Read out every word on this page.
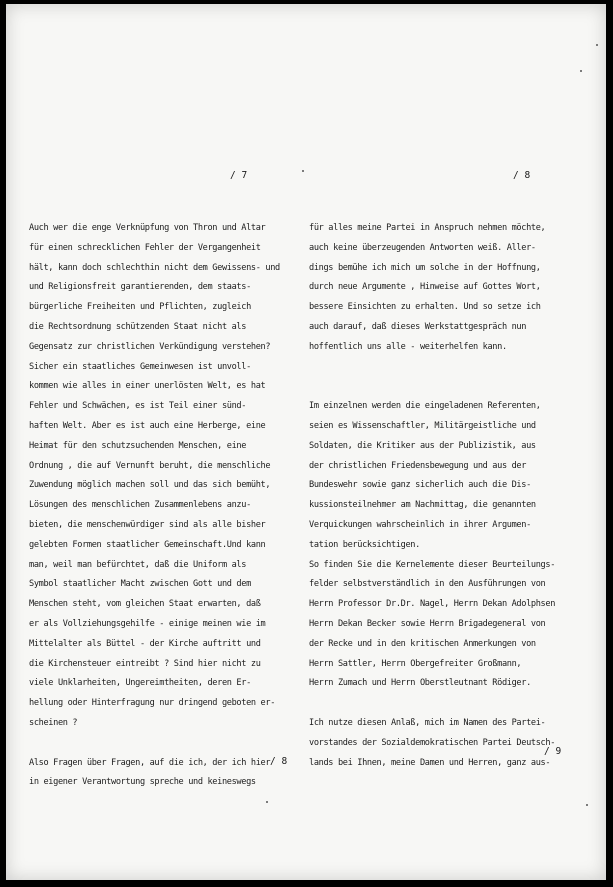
/ 7	/ 8
Auch wer die enge Verknüpfung von Thron und Altar
für einen schrecklichen Fehler der Vergangenheit
hält, kann doch schlechthin nicht dem Gewissens- und
und Religionsfreit garantierenden, dem staats-
bürgerliche Freiheiten und Pflichten, zugleich
die Rechtsordnung schützenden Staat nicht als
Gegensatz zur christlichen Verkündigung verstehen?
Sicher ein staatliches Gemeinwesen ist unvoll-
kommen wie alles in einer unerlösten Welt, es hat
Fehler und Schwächen, es ist Teil einer sünd-
haften Welt. Aber es ist auch eine Herberge, eine
Heimat für den schutzsuchenden Menschen, eine
Ordnung , die auf Vernunft beruht, die menschliche
Zuwendung möglich machen soll und das sich bemüht,
Lösungen des menschlichen Zusammenlebens anzu-
bieten, die menschenwürdiger sind als alle bisher
gelebten Formen staatlicher Gemeinschaft.Und kann
man, weil man befürchtet, daß die Uniform als
Symbol staatlicher Macht zwischen Gott und dem
Menschen steht, vom gleichen Staat erwarten, daß
er als Vollziehungsgehilfe - einige meinen wie im
Mittelalter als Büttel - der Kirche auftritt und
die Kirchensteuer eintreibt ? Sind hier nicht zu
viele Unklarheiten, Ungereimtheiten, deren Er-
hellung oder Hinterfragung nur dringend geboten er-
scheinen ?
Also Fragen über Fragen, auf die ich, der ich hier
in eigener Verantwortung spreche und keineswegs
für alles meine Partei in Anspruch nehmen möchte,
auch keine überzeugenden Antworten weiß. Aller-
dings bemühe ich mich um solche in der Hoffnung,
durch neue Argumente , Hinweise auf Gottes Wort,
bessere Einsichten zu erhalten. Und so setze ich
auch darauf, daß dieses Werkstattgespräch nun
hoffentlich uns alle - weiterhelfen kann.
Im einzelnen werden die eingeladenen Referenten,
seien es Wissenschaftler, Militärgeistliche und
Soldaten, die Kritiker aus der Publizistik, aus
der christlichen Friedensbewegung und aus der
Bundeswehr sowie ganz sicherlich auch die Dis-
kussionsteilnehmer am Nachmittag, die genannten
Verquickungen wahrscheinlich in ihrer Argumen-
tation berücksichtigen.
So finden Sie die Kernelemente dieser Beurteilungs-
felder selbstverständlich in den Ausführungen von
Herrn Professor Dr.Dr. Nagel, Herrn Dekan Adolphsen
Herrn Dekan Becker sowie Herrn Brigadegeneral von
der Recke und in den kritischen Anmerkungen von
Herrn Sattler, Herrn Obergefreiter Großmann,
Herrn Zumach und Herrn Oberstleutnant Rödiger.
Ich nutze diesen Anlaß, mich im Namen des Partei-
vorstandes der Sozialdemokratischen Partei Deutsch-
lands bei Ihnen, meine Damen und Herren, ganz aus-
/ 8
/ 9
